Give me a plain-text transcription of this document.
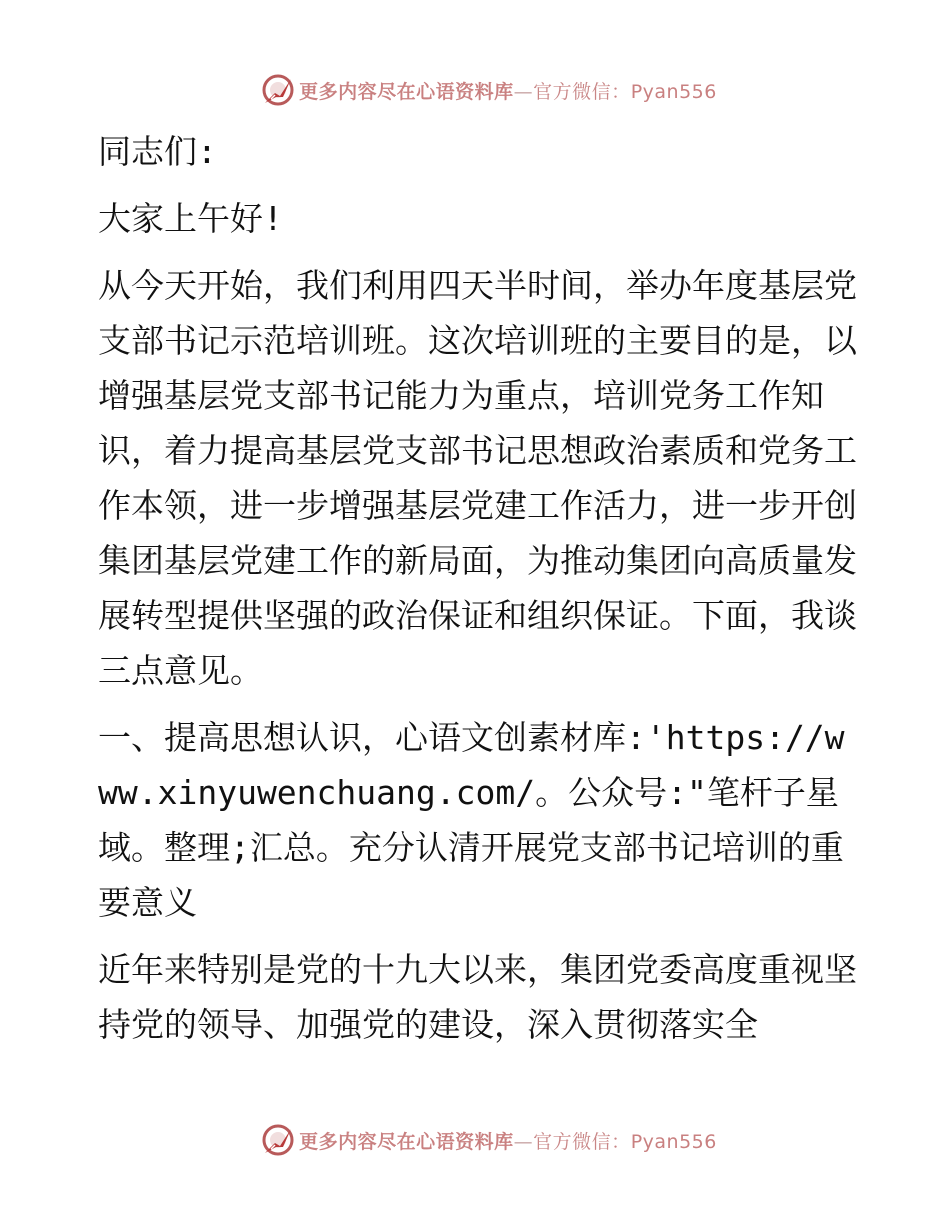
更多内容尽在心语资料库—官方微信：Pyan556

同志们:

大家上午好!

从今天开始，我们利用四天半时间，举办年度基层党支部书记示范培训班。这次培训班的主要目的是，以增强基层党支部书记能力为重点，培训党务工作知识，着力提高基层党支部书记思想政治素质和党务工作本领，进一步增强基层党建工作活力，进一步开创集团基层党建工作的新局面，为推动集团向高质量发展转型提供坚强的政治保证和组织保证。下面，我谈三点意见。

一、提高思想认识，心语文创素材库:'https://www.xinyuwenchuang.com/。公众号:"笔杆子星域。整理;汇总。充分认清开展党支部书记培训的重要意义

近年来特别是党的十九大以来，集团党委高度重视坚持党的领导、加强党的建设，深入贯彻落实全

更多内容尽在心语资料库—官方微信：Pyan556
